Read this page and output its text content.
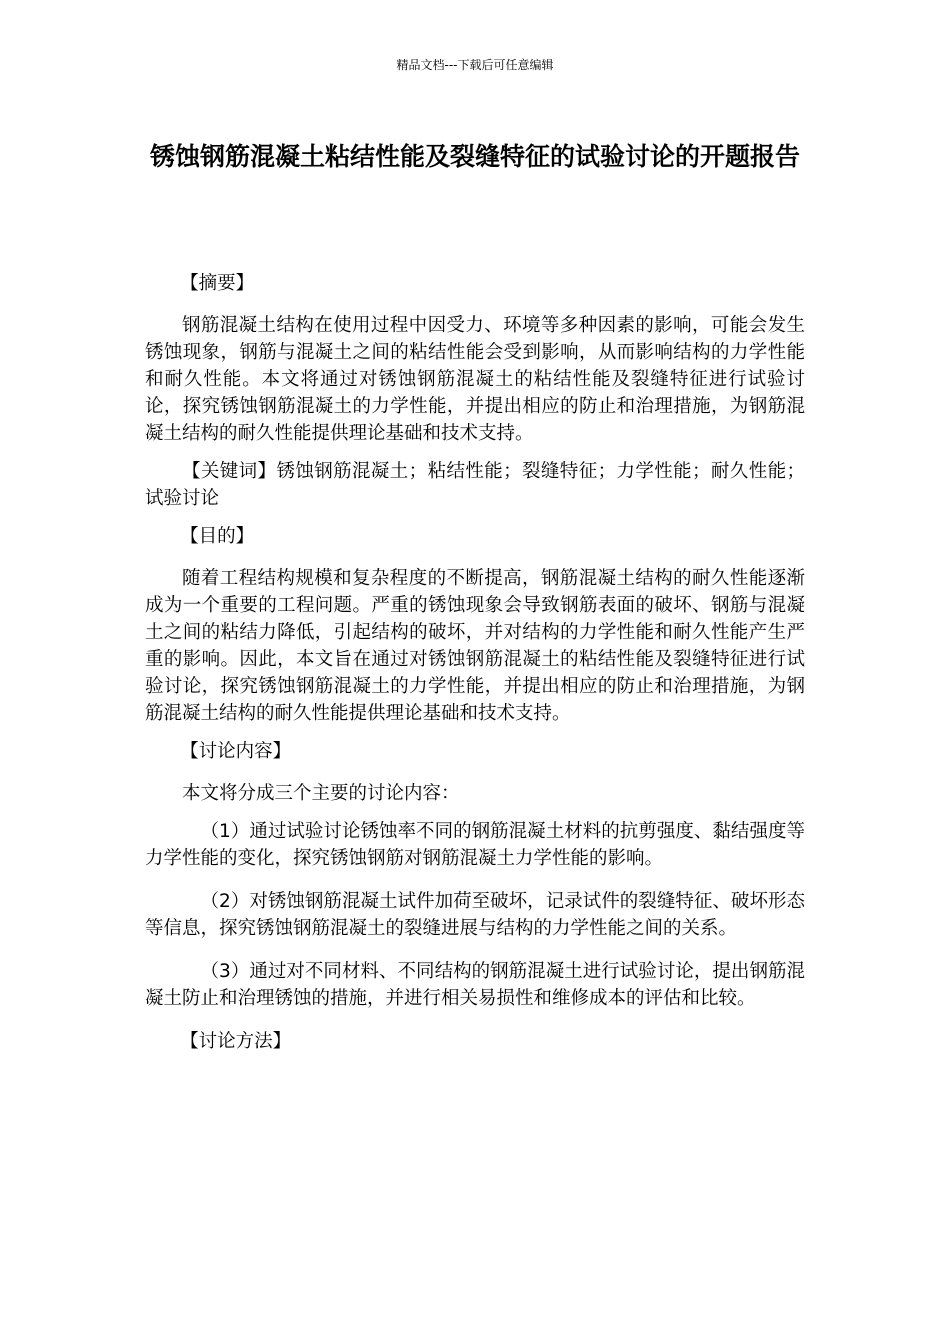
精品文档---下载后可任意编辑
锈蚀钢筋混凝土粘结性能及裂缝特征的试验讨论的开题报告

【摘要】

钢筋混凝土结构在使用过程中因受力、环境等多种因素的影响，可能会发生锈蚀现象，钢筋与混凝土之间的粘结性能会受到影响，从而影响结构的力学性能和耐久性能。本文将通过对锈蚀钢筋混凝土的粘结性能及裂缝特征进行试验讨论，探究锈蚀钢筋混凝土的力学性能，并提出相应的防止和治理措施，为钢筋混凝土结构的耐久性能提供理论基础和技术支持。

【关键词】锈蚀钢筋混凝土；粘结性能；裂缝特征；力学性能；耐久性能；试验讨论

【目的】

随着工程结构规模和复杂程度的不断提高，钢筋混凝土结构的耐久性能逐渐成为一个重要的工程问题。严重的锈蚀现象会导致钢筋表面的破坏、钢筋与混凝土之间的粘结力降低，引起结构的破坏，并对结构的力学性能和耐久性能产生严重的影响。因此，本文旨在通过对锈蚀钢筋混凝土的粘结性能及裂缝特征进行试验讨论，探究锈蚀钢筋混凝土的力学性能，并提出相应的防止和治理措施，为钢筋混凝土结构的耐久性能提供理论基础和技术支持。

【讨论内容】

本文将分成三个主要的讨论内容：

（1）通过试验讨论锈蚀率不同的钢筋混凝土材料的抗剪强度、黏结强度等力学性能的变化，探究锈蚀钢筋对钢筋混凝土力学性能的影响。

（2）对锈蚀钢筋混凝土试件加荷至破坏，记录试件的裂缝特征、破坏形态等信息，探究锈蚀钢筋混凝土的裂缝进展与结构的力学性能之间的关系。

（3）通过对不同材料、不同结构的钢筋混凝土进行试验讨论，提出钢筋混凝土防止和治理锈蚀的措施，并进行相关易损性和维修成本的评估和比较。

【讨论方法】
